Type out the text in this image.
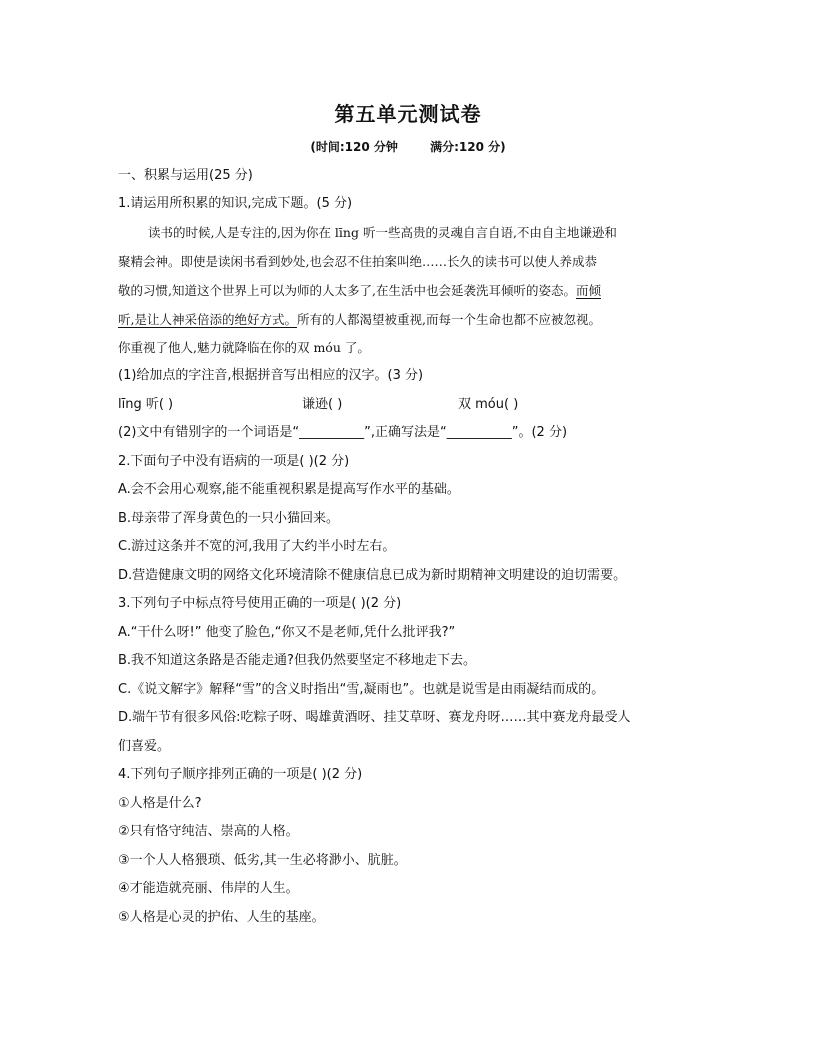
第五单元测试卷
(时间:120 分钟	满分:120 分)
一、积累与运用(25 分)
1.请运用所积累的知识,完成下题。(5 分)
读书的时候,人是专注的,因为你在 līng 听一些高贵的灵魂自言自语,不由自主地谦逊和
聚精会神。即使是读闲书看到妙处,也会忍不住拍案叫绝……长久的读书可以使人养成恭
敬的习惯,知道这个世界上可以为师的人太多了,在生活中也会延袭洗耳倾听的姿态。而倾
听,是让人神采倍添的绝好方式。所有的人都渴望被重视,而每一个生命也都不应被忽视。
你重视了他人,魅力就降临在你的双 móu 了。
(1)给加点的字注音,根据拼音写出相应的汉字。(3 分)
līng 听( )	谦逊( )	双 móu( )
(2)文中有错别字的一个词语是“__________”,正确写法是“__________”。(2 分)
2.下面句子中没有语病的一项是( )(2 分)
A.会不会用心观察,能不能重视积累是提高写作水平的基础。
B.母亲带了浑身黄色的一只小猫回来。
C.游过这条并不宽的河,我用了大约半小时左右。
D.营造健康文明的网络文化环境清除不健康信息已成为新时期精神文明建设的迫切需要。
3.下列句子中标点符号使用正确的一项是( )(2 分)
A.“干什么呀!” 他变了脸色,“你又不是老师,凭什么批评我?”
B.我不知道这条路是否能走通?但我仍然要坚定不移地走下去。
C.《说文解字》解释“雪”的含义时指出“雪,凝雨也”。也就是说雪是由雨凝结而成的。
D.端午节有很多风俗:吃粽子呀、喝雄黄酒呀、挂艾草呀、赛龙舟呀……其中赛龙舟最受人
们喜爱。
4.下列句子顺序排列正确的一项是( )(2 分)
①人格是什么?
②只有恪守纯洁、崇高的人格。
③一个人人格猥琐、低劣,其一生必将渺小、肮脏。
④才能造就亮丽、伟岸的人生。
⑤人格是心灵的护佑、人生的基座。
